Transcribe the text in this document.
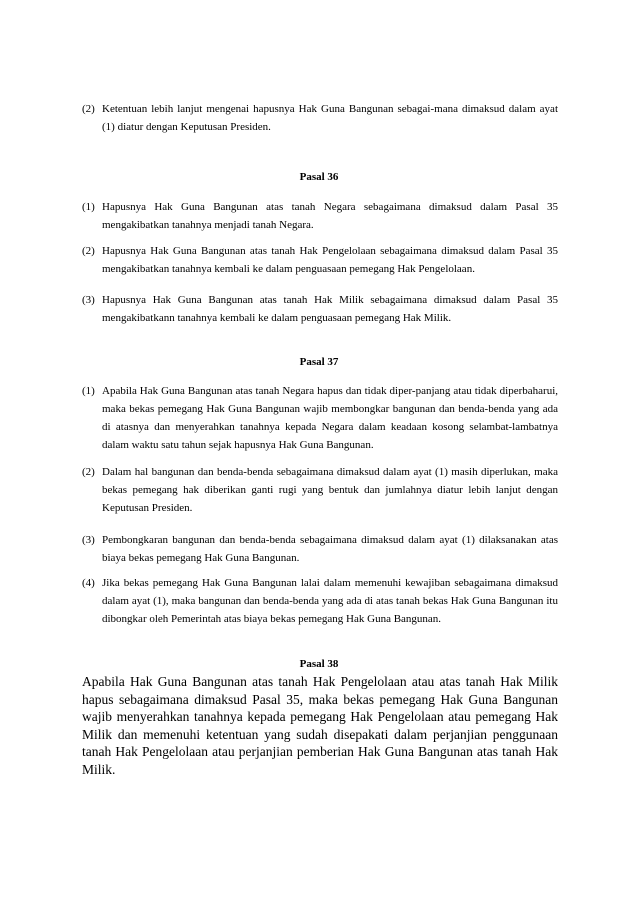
(2) Ketentuan lebih lanjut mengenai hapusnya Hak Guna Bangunan sebagai-mana dimaksud dalam ayat (1) diatur dengan Keputusan Presiden.
Pasal 36
(1) Hapusnya Hak Guna Bangunan atas tanah Negara sebagaimana dimaksud dalam Pasal 35 mengakibatkan tanahnya menjadi tanah Negara.
(2) Hapusnya Hak Guna Bangunan atas tanah Hak Pengelolaan sebagaimana dimaksud dalam Pasal 35 mengakibatkan tanahnya kembali ke dalam penguasaan pemegang Hak Pengelolaan.
(3) Hapusnya Hak Guna Bangunan atas tanah Hak Milik sebagaimana dimaksud dalam Pasal 35 mengakibatkann tanahnya kembali ke dalam penguasaan pemegang Hak Milik.
Pasal 37
(1) Apabila Hak Guna Bangunan atas tanah Negara hapus dan tidak diper-panjang atau tidak diperbaharui, maka bekas pemegang Hak Guna Bangunan wajib membongkar bangunan dan benda-benda yang ada di atasnya dan menyerahkan tanahnya kepada Negara dalam keadaan kosong selambat-lambatnya dalam waktu satu tahun sejak hapusnya Hak Guna Bangunan.
(2) Dalam hal bangunan dan benda-benda sebagaimana dimaksud dalam ayat (1) masih diperlukan, maka bekas pemegang hak diberikan ganti rugi yang bentuk dan jumlahnya diatur lebih lanjut dengan Keputusan Presiden.
(3) Pembongkaran bangunan dan benda-benda sebagaimana dimaksud dalam ayat (1) dilaksanakan atas biaya bekas pemegang Hak Guna Bangunan.
(4) Jika bekas pemegang Hak Guna Bangunan lalai dalam memenuhi kewajiban sebagaimana dimaksud dalam ayat (1), maka bangunan dan benda-benda yang ada di atas tanah bekas Hak Guna Bangunan itu dibongkar oleh Pemerintah atas biaya bekas pemegang Hak Guna Bangunan.
Pasal 38
Apabila Hak Guna Bangunan atas tanah Hak Pengelolaan atau atas tanah Hak Milik hapus sebagaimana dimaksud Pasal 35, maka bekas pemegang Hak Guna Bangunan wajib menyerahkan tanahnya kepada pemegang Hak Pengelolaan atau pemegang Hak Milik dan memenuhi ketentuan yang sudah disepakati dalam perjanjian penggunaan tanah Hak Pengelolaan atau perjanjian pemberian Hak Guna Bangunan atas tanah Hak Milik.
